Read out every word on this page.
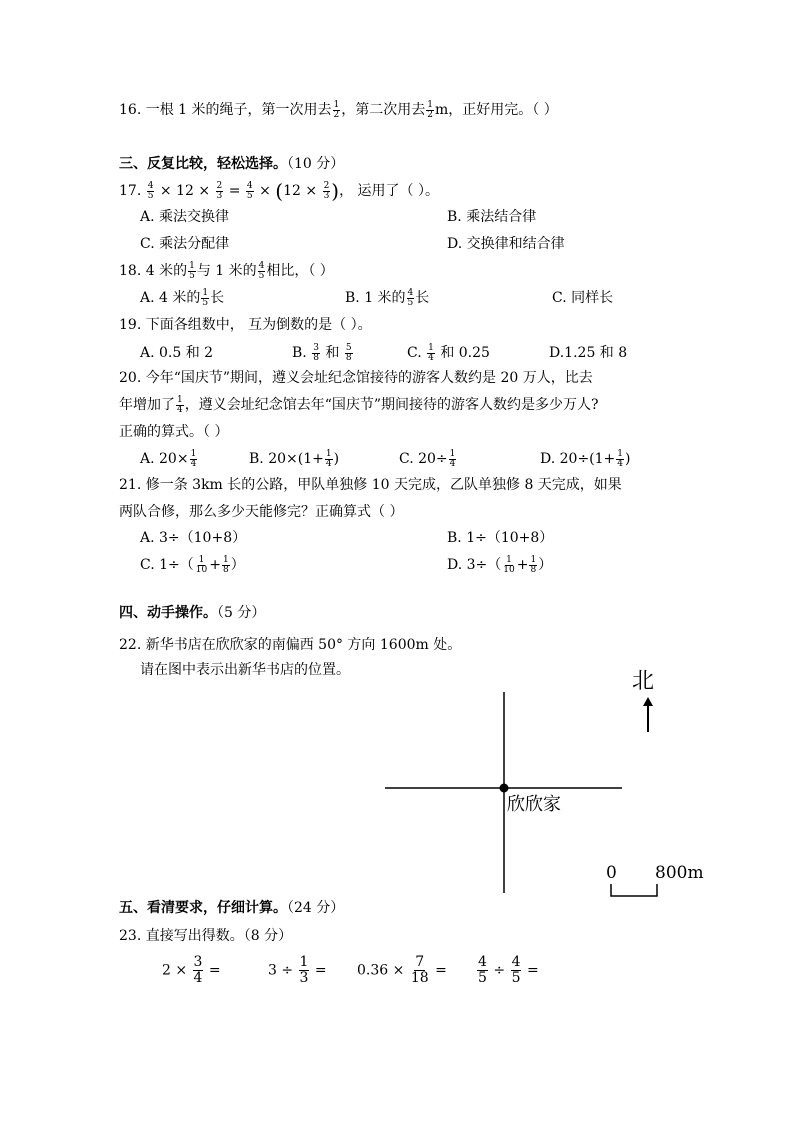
16. 一根 1 米的绳子，第一次用去 $\frac{1}{2}$ ，第二次用去 $\frac{1}{2}$ m，正好用完。（ ）
三、反复比较，轻松选择。（10 分）
17. $\frac{4}{5} \times 12 \times \frac{2}{3} = \frac{4}{5} \times (12 \times \frac{2}{3}$ )， 运用了（ ）。
A. 乘法交换律	B. 乘法结合律
C. 乘法分配律	D. 交换律和结合律
18. 4 米的 $\frac{1}{5}$ 与 1 米的 $\frac{4}{5}$ 相比，（ ）
A. 4 米的 $\frac{1}{5}$ 长	B. 1 米的 $\frac{4}{5}$ 长	C. 同样长
19. 下面各组数中， 互为倒数的是（ ）。
A. 0.5 和 2	B. $\frac{3}{8}$ 和 $\frac{5}{8}$	C. $\frac{1}{4}$ 和 0.25	D.1.25 和 8
20. 今年“国庆节”期间，遵义会址纪念馆接待的游客人数约是 20 万人，比去
年增加了 $\frac{1}{4}$ ，遵义会址纪念馆去年“国庆节”期间接待的游客人数约是多少万人?
正确的算式。（ ）
A. $20\times \frac{1}{4}$	B. $20\times(1+ \frac{1}{4}$ )	C. $20\div \frac{1}{4}$	D. $20\div(1+ \frac{1}{4}$ )
21. 修一条 3km 长的公路，甲队单独修 10 天完成，乙队单独修 8 天完成，如果
两队合修，那么多少天能修完？正确算式（ ）
A. 3÷（10+8）	B. 1÷（10+8）
C. $1\div( \frac{1}{10} + \frac{1}{8}$ ）	D. $3\div( \frac{1}{10} + \frac{1}{8}$ ）
四、动手操作。（5 分）
22. 新华书店在欣欣家的南偏西 50° 方向 1600m 处。
请在图中表示出新华书店的位置。	北
欣欣家
0 800m
五、看清要求，仔细计算。（24 分）
23. 直接写出得数。（8 分）
$2 \times \frac{3}{4}$ =	$3 \div \frac{1}{3} = 0.36 \times \frac{7}{18} = \frac{4}{5} \div \frac{4}{5}$ =
